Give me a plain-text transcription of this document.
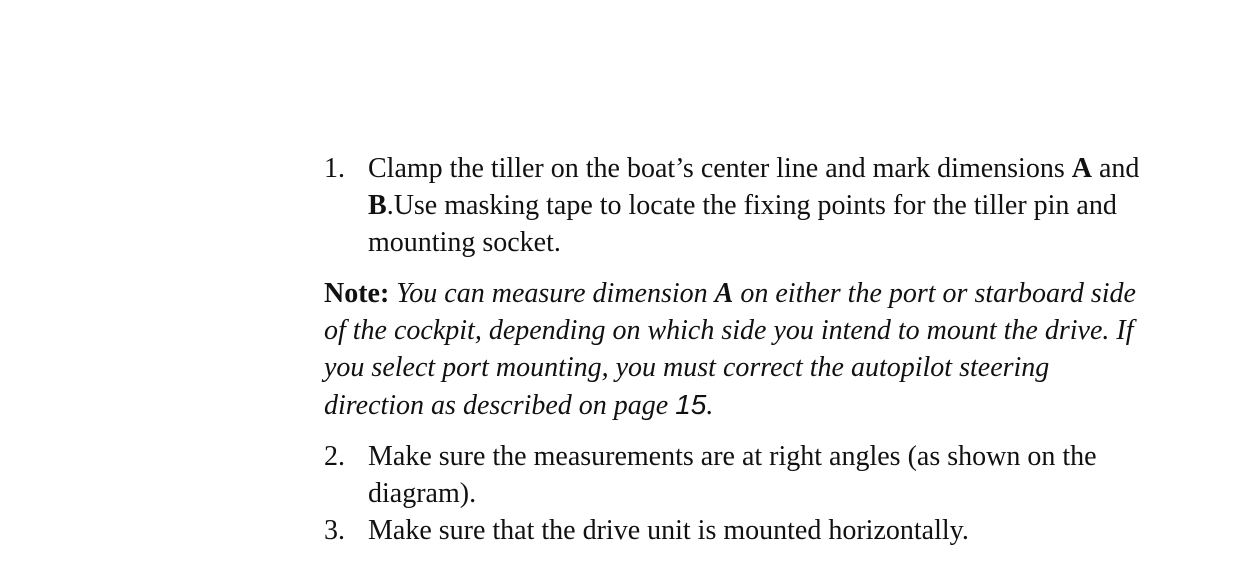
1. Clamp the tiller on the boat’s center line and mark dimensions A and B.Use masking tape to locate the fixing points for the tiller pin and mounting socket.

Note: You can measure dimension A on either the port or starboard side of the cockpit, depending on which side you intend to mount the drive. If you select port mounting, you must correct the autopilot steering direction as described on page 15.

2. Make sure the measurements are at right angles (as shown on the diagram).
3. Make sure that the drive unit is mounted horizontally.
